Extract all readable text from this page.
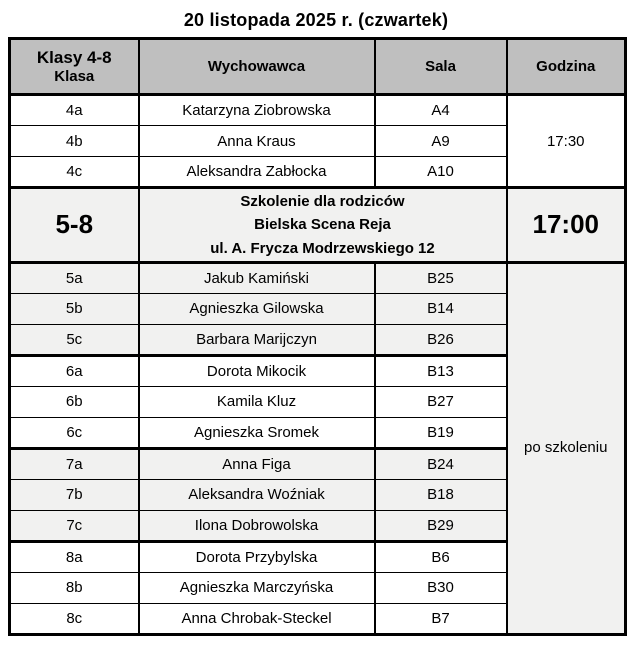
20 listopada 2025 r. (czwartek)
Klasy 4-8
Klasa	Wychowawca	Sala	Godzina
4a	Katarzyna Ziobrowska	A4	17:30
4b	Anna Kraus	A9	
4c	Aleksandra Zabłocka	A10	
5-8	Szkolenie dla rodziców
Bielska Scena Reja
ul. A. Frycza Modrzewskiego 12		17:00
5a	Jakub Kamiński	B25	po szkoleniu
5b	Agnieszka Gilowska	B14	
5c	Barbara Marijczyn	B26	
6a	Dorota Mikocik	B13	
6b	Kamila Kluz	B27	
6c	Agnieszka Sromek	B19	
7a	Anna Figa	B24	
7b	Aleksandra Woźniak	B18	
7c	Ilona Dobrowolska	B29	
8a	Dorota Przybylska	B6	
8b	Agnieszka Marczyńska	B30	
8c	Anna Chrobak-Steckel	B7	
